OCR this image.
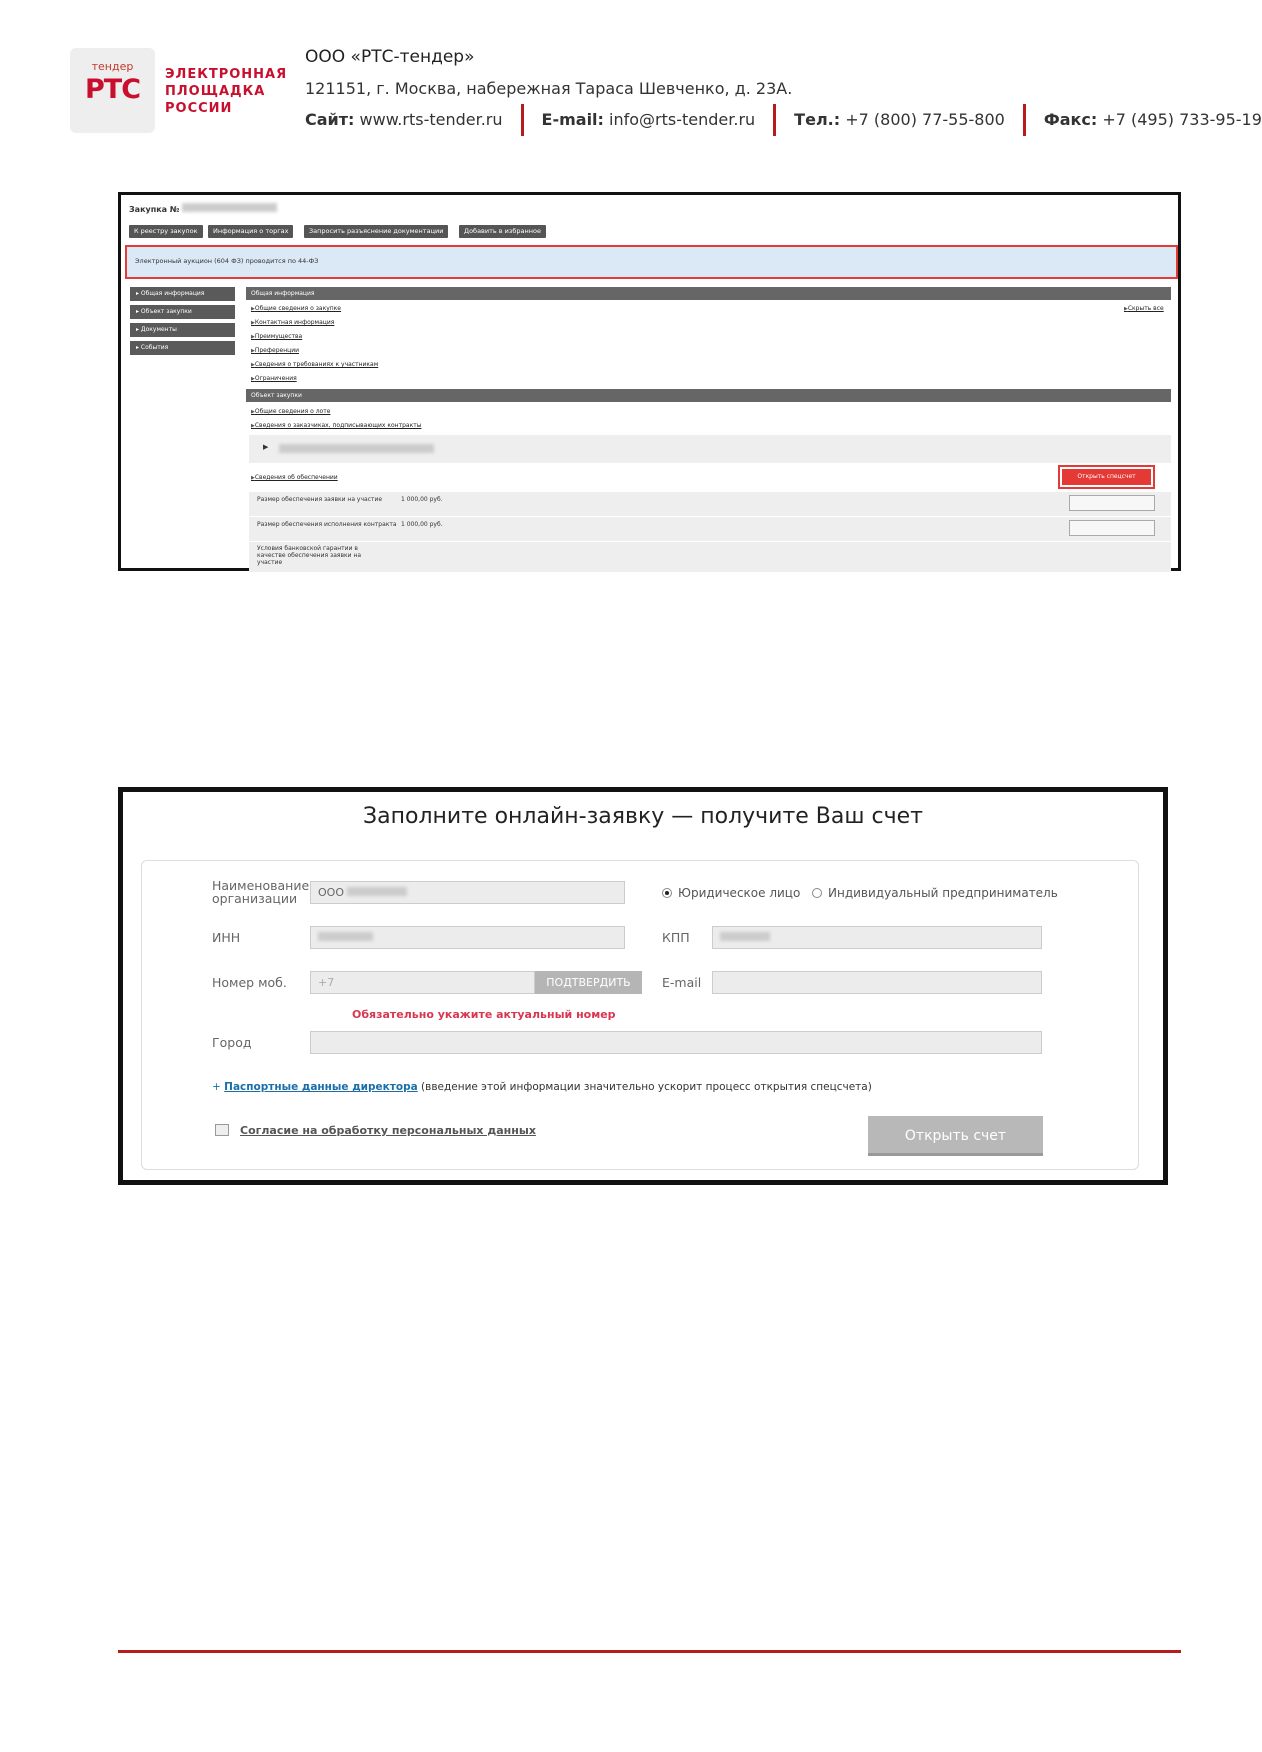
тендер
РТС	ЭЛЕКТРОННАЯ
ПЛОЩАДКА
РОССИИ
ООО «РТС-тендер»
121151, г. Москва, набережная Тараса Шевченко, д. 23А.
Сайт: www.rts-tender.ru E-mail: info@rts-tender.ru Тел.: +7 (800) 77-55-800 Факс: +7 (495) 733-95-19
Закупка №
К реестру закупок	Информация о торгах	Запросить разъяснение документации	Добавить в избранное
Электронный аукцион (604 ФЗ) проводится по 44-ФЗ
▸ Общая информация
▸ Объект закупки
▸ Документы
▸ События
Общая информация
▶ Общие сведения о закупке
▶ Контактная информация
▶ Преимущества
▶ Преференции
▶ Сведения о требованиях к участникам
▶ Ограничения
▶ Скрыть все
Объект закупки
▶ Общие сведения о лоте
▶ Сведения о заказчиках, подписывающих контракты
▶
▶ Сведения об обеспечении	Открыть спецсчет
Размер обеспечения заявки на участие	1 000,00 руб.
Размер обеспечения исполнения контракта 1 000,00 руб.
Условия банковской гарантии в качестве обеспечения заявки на участие
Заполните онлайн-заявку — получите Ваш счет
Наименование организации	ООО	Юридическое лицо	Индивидуальный предприниматель
ИНН	КПП
Номер моб.	+7	ПОДТВЕРДИТЬ	E-mail
Обязательно укажите актуальный номер
Город
+ Паспортные данные директора (введение этой информации значительно ускорит процесс открытия спецсчета)
Согласие на обработку персональных данных	Открыть счет
